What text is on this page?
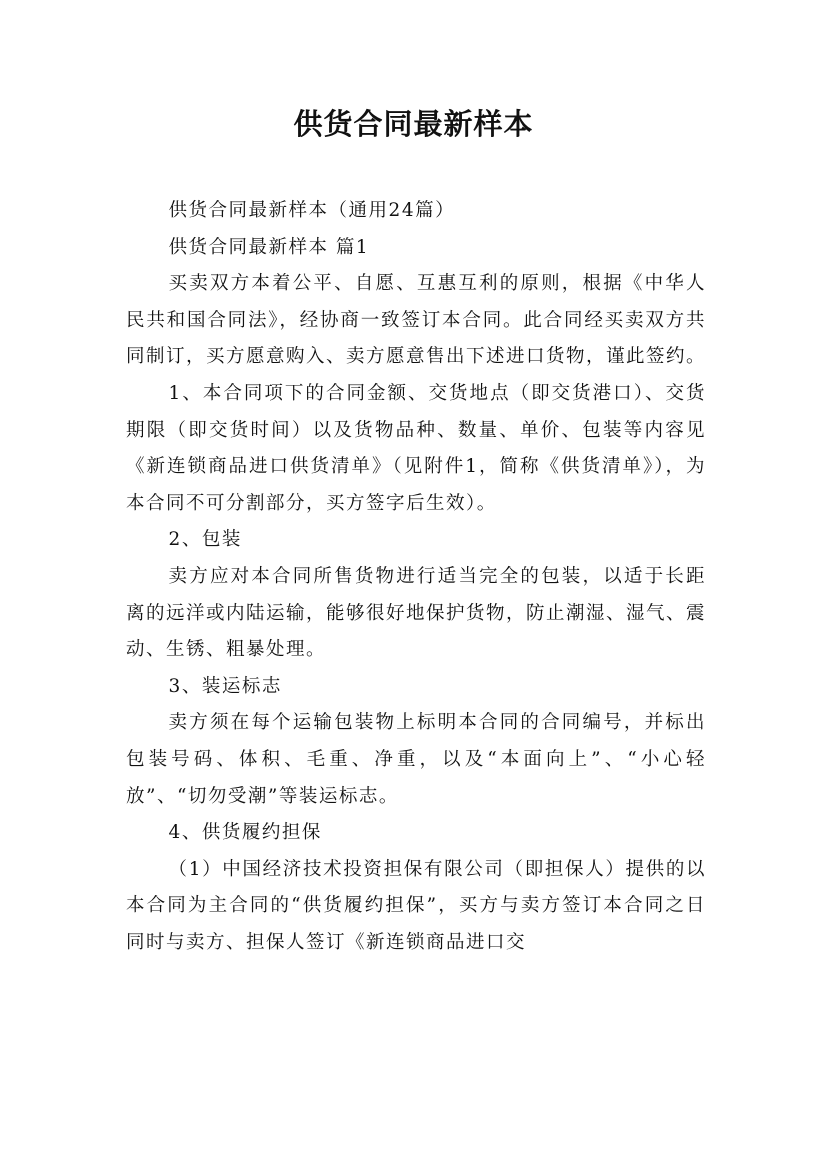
供货合同最新样本

供货合同最新样本（通用24篇）

供货合同最新样本 篇1

买卖双方本着公平、自愿、互惠互利的原则，根据《中华人民共和国合同法》，经协商一致签订本合同。此合同经买卖双方共同制订，买方愿意购入、卖方愿意售出下述进口货物，谨此签约。

1、本合同项下的合同金额、交货地点（即交货港口）、交货期限（即交货时间）以及货物品种、数量、单价、包装等内容见《新连锁商品进口供货清单》（见附件1，简称《供货清单》），为本合同不可分割部分，买方签字后生效）。

2、包装

卖方应对本合同所售货物进行适当完全的包装，以适于长距离的远洋或内陆运输，能够很好地保护货物，防止潮湿、湿气、震动、生锈、粗暴处理。

3、装运标志

卖方须在每个运输包装物上标明本合同的合同编号，并标出包装号码、体积、毛重、净重，以及“本面向上”、“小心轻放”、“切勿受潮”等装运标志。

4、供货履约担保

（1）中国经济技术投资担保有限公司（即担保人）提供的以本合同为主合同的“供货履约担保”，买方与卖方签订本合同之日同时与卖方、担保人签订《新连锁商品进口交
